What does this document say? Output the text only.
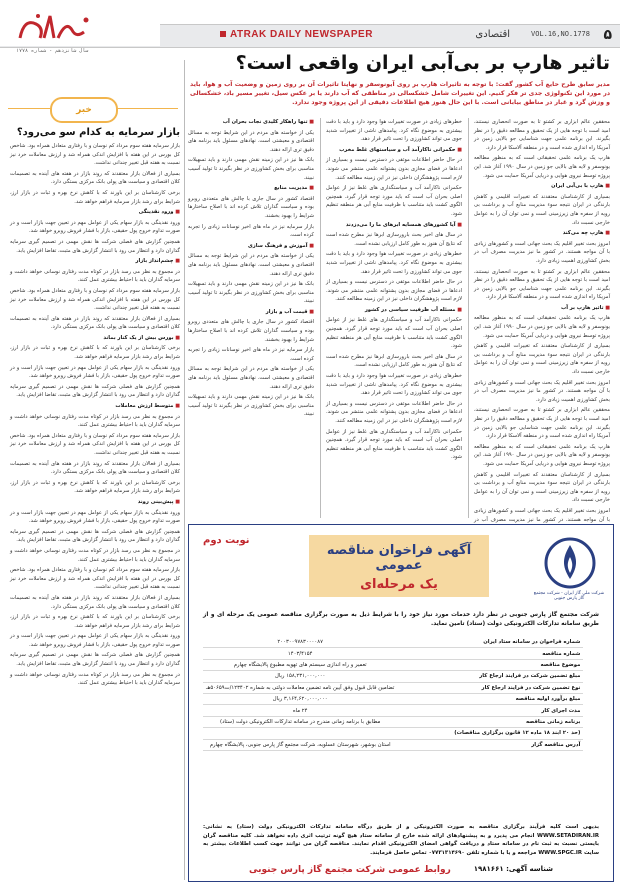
۵
VOL.16,NO.1778
اقتصادی
ATRAK DAILY NEWSPAPER
سال شانزدهم - شماره ۱۷۷۸
تاثیر هارپ بر بی‌آبی ایران واقعی است؟
مدیر سابق طرح حایع آب کشور گفت: با توجه به تاثیرات هارپ بر روی آیونوسفر و نهایتا تاثیرات آن بر روی زمین و وضعیت آب و هوا، باید در مورد این تکنولوژی جدی تر فکر کنیم. این تغییرات شامل خشکسالی در مناطقی که آب دارند یا بر عکس سیل، تغییر مسیر باد، خشکسالی و وزش گرد و غبار در مناطق بیابانی است. با این حال هنوز هیچ اطلاعات دقیقی از این پروژه وجود ندارد.

محققین عالم ابزاری بر کشتو تا به صورت انحصاری نیستند، امید است با توجه هایی از یک تحقیق و مطالعه دقیق را در نظر بگیرند. این برنامه علمی جهت شناسایی جو بالایی زمین در آمریکا راه اندازی شده است و در منطقه آلاسکا قرار دارد.

هارپ یک برنامه علمی تحقیقاتی است که به منظور مطالعه یونوسفر و لایه های بالایی جو زمین در سال ۱۹۹۰ آغاز شد. این پروژه توسط نیروی هوایی و دریایی آمریکا حمایت می شود.

■ هارپ با بی‌آبی ایران

بسیاری از کارشناسان معتقدند که تغییرات اقلیمی و کاهش بارندگی در ایران نتیجه سوء مدیریت منابع آب و برداشت بی رویه از سفره های زیرزمینی است و نمی توان آن را به عوامل خارجی نسبت داد.

■ هارپ چه می‌کند

امروز بحث تغییر اقلیم یک بحث جهانی است و کشورهای زیادی با آن مواجه هستند. در کشور ما نیز مدیریت مصرف آب در بخش کشاورزی اهمیت زیادی دارد.

محققین عالم ابزاری بر کشتو تا به صورت انحصاری نیستند، امید است با توجه هایی از یک تحقیق و مطالعه دقیق را در نظر بگیرند. این برنامه علمی جهت شناسایی جو بالایی زمین در آمریکا راه اندازی شده است و در منطقه آلاسکا قرار دارد.

■ تاثیر هارپ بر آب

هارپ یک برنامه علمی تحقیقاتی است که به منظور مطالعه یونوسفر و لایه های بالایی جو زمین در سال ۱۹۹۰ آغاز شد. این پروژه توسط نیروی هوایی و دریایی آمریکا حمایت می شود.

بسیاری از کارشناسان معتقدند که تغییرات اقلیمی و کاهش بارندگی در ایران نتیجه سوء مدیریت منابع آب و برداشت بی رویه از سفره های زیرزمینی است و نمی توان آن را به عوامل خارجی نسبت داد.

امروز بحث تغییر اقلیم یک بحث جهانی است و کشورهای زیادی با آن مواجه هستند. در کشور ما نیز مدیریت مصرف آب در بخش کشاورزی اهمیت زیادی دارد.

محققین عالم ابزاری بر کشتو تا به صورت انحصاری نیستند، امید است با توجه هایی از یک تحقیق و مطالعه دقیق را در نظر بگیرند. این برنامه علمی جهت شناسایی جو بالایی زمین در آمریکا راه اندازی شده است و در منطقه آلاسکا قرار دارد.

هارپ یک برنامه علمی تحقیقاتی است که به منظور مطالعه یونوسفر و لایه های بالایی جو زمین در سال ۱۹۹۰ آغاز شد. این پروژه توسط نیروی هوایی و دریایی آمریکا حمایت می شود.

بسیاری از کارشناسان معتقدند که تغییرات اقلیمی و کاهش بارندگی در ایران نتیجه سوء مدیریت منابع آب و برداشت بی رویه از سفره های زیرزمینی است و نمی توان آن را به عوامل خارجی نسبت داد.

امروز بحث تغییر اقلیم یک بحث جهانی است و کشورهای زیادی با آن مواجه هستند. در کشور ما نیز مدیریت مصرف آب در

خطرهای زیادی در صورت تغییرات هوا وجود دارد و باید با دقت بیشتری به موضوع نگاه کرد. پیامدهای ناشی از تغییرات شدید جوی می تواند کشاورزی را تحت تاثیر قرار دهد.

■ حکمرانی ناکارآمد آب و سیاستهای غلط مخرب

در حال حاضر اطلاعات موثقی در دسترس نیست و بسیاری از ادعاها در فضای مجازی بدون پشتوانه علمی منتشر می شوند. لازم است پژوهشگران داخلی نیز در این زمینه مطالعه کنند.

حکمرانی ناکارآمد آب و سیاستگذاری های غلط نیز از عوامل اصلی بحران آب است که باید مورد توجه قرار گیرد. همچنین الگوی کشت باید متناسب با ظرفیت منابع آبی هر منطقه تنظیم شود.

■ آیا کشورهای همسایه ابرهای ما را می‌دزدند

در سال های اخیر بحث بارورسازی ابرها نیز مطرح شده است که نتایج آن هنوز به طور کامل ارزیابی نشده است.

خطرهای زیادی در صورت تغییرات هوا وجود دارد و باید با دقت بیشتری به موضوع نگاه کرد. پیامدهای ناشی از تغییرات شدید جوی می تواند کشاورزی را تحت تاثیر قرار دهد.

در حال حاضر اطلاعات موثقی در دسترس نیست و بسیاری از ادعاها در فضای مجازی بدون پشتوانه علمی منتشر می شوند. لازم است پژوهشگران داخلی نیز در این زمینه مطالعه کنند.

■ مسئله آب ظرفیت سیاسی در کشور

حکمرانی ناکارآمد آب و سیاستگذاری های غلط نیز از عوامل اصلی بحران آب است که باید مورد توجه قرار گیرد. همچنین الگوی کشت باید متناسب با ظرفیت منابع آبی هر منطقه تنظیم شود.

در سال های اخیر بحث بارورسازی ابرها نیز مطرح شده است که نتایج آن هنوز به طور کامل ارزیابی نشده است.

خطرهای زیادی در صورت تغییرات هوا وجود دارد و باید با دقت بیشتری به موضوع نگاه کرد. پیامدهای ناشی از تغییرات شدید جوی می تواند کشاورزی را تحت تاثیر قرار دهد.

در حال حاضر اطلاعات موثقی در دسترس نیست و بسیاری از ادعاها در فضای مجازی بدون پشتوانه علمی منتشر می شوند. لازم است پژوهشگران داخلی نیز در این زمینه مطالعه کنند.

حکمرانی ناکارآمد آب و سیاستگذاری های غلط نیز از عوامل اصلی بحران آب است که باید مورد توجه قرار گیرد. همچنین الگوی کشت باید متناسب با ظرفیت منابع آبی هر منطقه تنظیم شود.

■ تنها راهکار کلیدی نجات بحران آب

یکی از خواسته های مردم در این شرایط توجه به مسائل اقتصادی و معیشتی است. نهادهای مسئول باید برنامه های دقیق تری ارائه دهند.

بانک ها نیز در این زمینه نقش مهمی دارند و باید تسهیلات مناسبی برای بخش کشاورزی در نظر بگیرند تا تولید آسیب نبیند.

■ مدیریت منابع

اقتصاد کشور در سال جاری با چالش های متعددی روبرو بوده و سیاست گذاران تلاش کرده اند با اصلاح ساختارها شرایط را بهبود بخشند.

بازار سرمایه نیز در ماه های اخیر نوسانات زیادی را تجربه کرده است.

■ آموزش و فرهنگ سازی

یکی از خواسته های مردم در این شرایط توجه به مسائل اقتصادی و معیشتی است. نهادهای مسئول باید برنامه های دقیق تری ارائه دهند.

بانک ها نیز در این زمینه نقش مهمی دارند و باید تسهیلات مناسبی برای بخش کشاورزی در نظر بگیرند تا تولید آسیب نبیند.

■ قیمت آب و بازار

اقتصاد کشور در سال جاری با چالش های متعددی روبرو بوده و سیاست گذاران تلاش کرده اند با اصلاح ساختارها شرایط را بهبود بخشند.

بازار سرمایه نیز در ماه های اخیر نوسانات زیادی را تجربه کرده است.

یکی از خواسته های مردم در این شرایط توجه به مسائل اقتصادی و معیشتی است. نهادهای مسئول باید برنامه های دقیق تری ارائه دهند.

بانک ها نیز در این زمینه نقش مهمی دارند و باید تسهیلات مناسبی برای بخش کشاورزی در نظر بگیرند تا تولید آسیب نبیند.

خبر
بازار سرمایه به کدام سو می‌رود؟

بازار سرمایه هفته سوم مرداد کم نوسان و با رفتاری متعادل همراه بود. شاخص کل بورس در این هفته با افزایش اندکی همراه شد و ارزش معاملات خرد نیز نسبت به هفته قبل تغییر چندانی نداشت.

بسیاری از فعالان بازار معتقدند که روند بازار در هفته های آینده به تصمیمات کلان اقتصادی و سیاست های پولی بانک مرکزی بستگی دارد.

برخی کارشناسان بر این باورند که با کاهش نرخ بهره و ثبات در بازار ارز، شرایط برای رشد بازار سرمایه فراهم خواهد شد.

■ ورود نقدینگی

ورود نقدینگی به بازار سهام یکی از عوامل مهم در تعیین جهت بازار است و در صورت تداوم خروج پول حقیقی، بازار با فشار فروش روبرو خواهد شد.

همچنین گزارش های فصلی شرکت ها نقش مهمی در تصمیم گیری سرمایه گذاران دارد و انتظار می رود با انتشار گزارش های مثبت، تقاضا افزایش یابد.

■ چشم‌انداز بازار

در مجموع به نظر می رسد بازار در کوتاه مدت رفتاری نوسانی خواهد داشت و سرمایه گذاران باید با احتیاط بیشتری عمل کنند.

بازار سرمایه هفته سوم مرداد کم نوسان و با رفتاری متعادل همراه بود. شاخص کل بورس در این هفته با افزایش اندکی همراه شد و ارزش معاملات خرد نیز نسبت به هفته قبل تغییر چندانی نداشت.

بسیاری از فعالان بازار معتقدند که روند بازار در هفته های آینده به تصمیمات کلان اقتصادی و سیاست های پولی بانک مرکزی بستگی دارد.

■ بورس بیش از یک کنار بماند

برخی کارشناسان بر این باورند که با کاهش نرخ بهره و ثبات در بازار ارز، شرایط برای رشد بازار سرمایه فراهم خواهد شد.

ورود نقدینگی به بازار سهام یکی از عوامل مهم در تعیین جهت بازار است و در صورت تداوم خروج پول حقیقی، بازار با فشار فروش روبرو خواهد شد.

همچنین گزارش های فصلی شرکت ها نقش مهمی در تصمیم گیری سرمایه گذاران دارد و انتظار می رود با انتشار گزارش های مثبت، تقاضا افزایش یابد.

■ متوسط ارزش معاملات

در مجموع به نظر می رسد بازار در کوتاه مدت رفتاری نوسانی خواهد داشت و سرمایه گذاران باید با احتیاط بیشتری عمل کنند.

بازار سرمایه هفته سوم مرداد کم نوسان و با رفتاری متعادل همراه بود. شاخص کل بورس در این هفته با افزایش اندکی همراه شد و ارزش معاملات خرد نیز نسبت به هفته قبل تغییر چندانی نداشت.

بسیاری از فعالان بازار معتقدند که روند بازار در هفته های آینده به تصمیمات کلان اقتصادی و سیاست های پولی بانک مرکزی بستگی دارد.

برخی کارشناسان بر این باورند که با کاهش نرخ بهره و ثبات در بازار ارز، شرایط برای رشد بازار سرمایه فراهم خواهد شد.

■ پیش‌بینی روند

ورود نقدینگی به بازار سهام یکی از عوامل مهم در تعیین جهت بازار است و در صورت تداوم خروج پول حقیقی، بازار با فشار فروش روبرو خواهد شد.

همچنین گزارش های فصلی شرکت ها نقش مهمی در تصمیم گیری سرمایه گذاران دارد و انتظار می رود با انتشار گزارش های مثبت، تقاضا افزایش یابد.

در مجموع به نظر می رسد بازار در کوتاه مدت رفتاری نوسانی خواهد داشت و سرمایه گذاران باید با احتیاط بیشتری عمل کنند.

بازار سرمایه هفته سوم مرداد کم نوسان و با رفتاری متعادل همراه بود. شاخص کل بورس در این هفته با افزایش اندکی همراه شد و ارزش معاملات خرد نیز نسبت به هفته قبل تغییر چندانی نداشت.

بسیاری از فعالان بازار معتقدند که روند بازار در هفته های آینده به تصمیمات کلان اقتصادی و سیاست های پولی بانک مرکزی بستگی دارد.

برخی کارشناسان بر این باورند که با کاهش نرخ بهره و ثبات در بازار ارز، شرایط برای رشد بازار سرمایه فراهم خواهد شد.

ورود نقدینگی به بازار سهام یکی از عوامل مهم در تعیین جهت بازار است و در صورت تداوم خروج پول حقیقی، بازار با فشار فروش روبرو خواهد شد.

همچنین گزارش های فصلی شرکت ها نقش مهمی در تصمیم گیری سرمایه گذاران دارد و انتظار می رود با انتشار گزارش های مثبت، تقاضا افزایش یابد.

در مجموع به نظر می رسد بازار در کوتاه مدت رفتاری نوسانی خواهد داشت و سرمایه گذاران باید با احتیاط بیشتری عمل کنند.

نوبت دوم
آگهی فراخوان مناقصه عمومی
یک مرحله‌ای
شرکت ملی گاز ایران - شرکت مجتمع گاز پارس جنوبی
شرکت مجتمع گاز پارس جنوبی در نظر دارد خدمات مورد نیاز خود را با شرایط ذیل به صورت برگزاری مناقصه عمومی یک مرحله ای و از طریق سامانه تدارکات الکترونیکی دولت (ستاد) تامین نماید.
شماره فراخوان در سامانه ستاد ایران	۲۰۰۳۰۰۹۷۸۳۰۰۰۰۸۷
شماره مناقصه	۱۴۰۳/۴۱۵۴
موضوع مناقصه	تعمیر و راه اندازی سیستم های تهویه مطبوع پالایشگاه چهارم
مبلغ تضمین شرکت در فرایند ارجاع کار	۱۵۸,۲۳۱,۰۰۰,۰۰۰ ریال
نوع تضمین شرکت در فرایند ارجاع کار	تضامین قابل قبول وفق آیین نامه تضمین معاملات دولتی به شماره ۱۲۳۴۰۲/ت۵۰۶۵۹هـ
مبلغ برآورد اولیه مناقصه	۳,۱۶۴,۶۲۰,۰۰۰,۰۰۰ ریال
مدت اجرای کار	۲۴ ماه
برنامه زمانی مناقصه	مطابق با برنامه زمانی مندرج در سامانه تدارکات الکترونیکی دولت (ستاد)
(حد ۲۰ ابند ۱۸ ماده ۱۲ قانون برگزاری مناقصات)	
آدرس مناقصه گزار	استان بوشهر، شهرستان عسلویه، شرکت مجتمع گاز پارس جنوبی، پالایشگاه چهارم
بدیهی است کلیه فرآیند برگزاری مناقصه به صورت الکترونیکی و از طریق درگاه سامانه تدارکات الکترونیکی دولت (ستاد) به نشانی: WWW.SETADIRAN.IR انجام می پذیرد و به پیشنهادهای ارائه شده خارج از سامانه ستاد هیچ گونه ترتیب اثری داده نخواهد شد. کلیه مناقصه گران بایستی نسبت به ثبت نام در سامانه ستاد و دریافت گواهی امضای الکترونیکی اقدام نمایند. مناقصه گران می توانند جهت کسب اطلاعات بیشتر به سایت WWW.SPGC.IR مراجعه و یا با شماره تلفن ۰۷۷۳۱۳۱۴۶۹۰ تماس حاصل فرمایند.
شناسه آگهی: ۱۹۸۱۶۶۱
روابط عمومی شرکت مجتمع گاز پارس جنوبی
